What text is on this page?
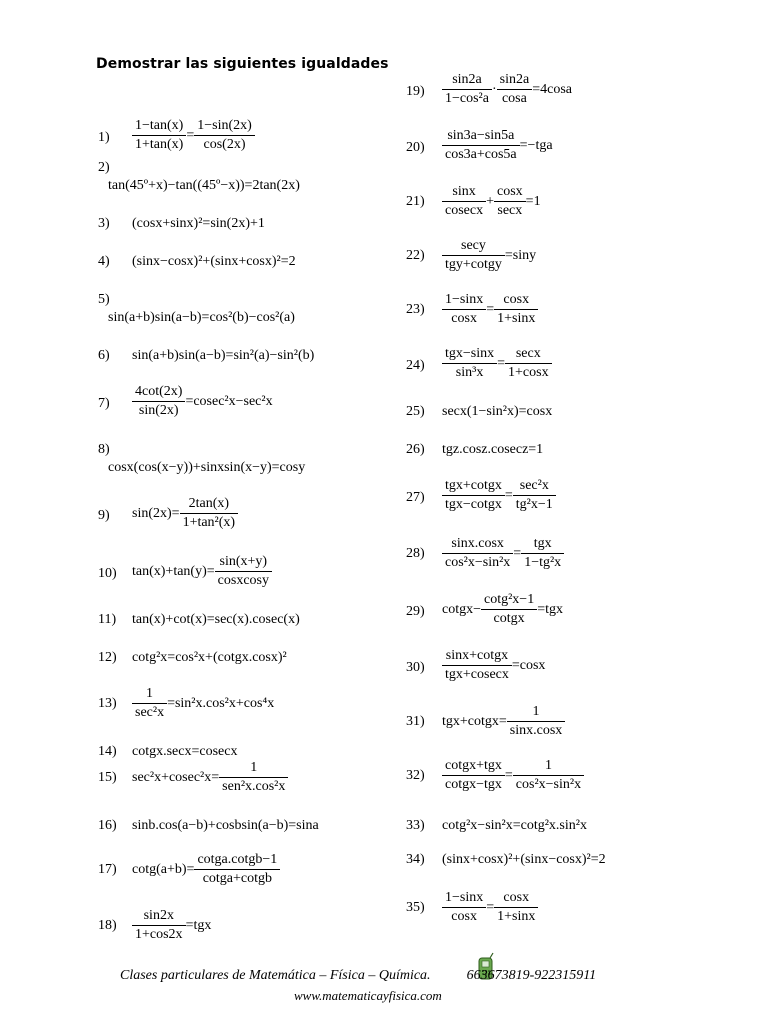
Demostrar las siguientes igualdades
$1) \frac{1-\tan(x)}{1+\tan(x)} = \frac{1-\sin(2x)}{\cos(2x)}$
2)
tan(45º+x)−tan((45º−x))=2tan(2x)
3) (cosx+sinx)²=sin(2x)+1
4) (sinx−cosx)²+(sinx+cosx)²=2
5)
sin(a+b)sin(a−b)=cos²(b)−cos²(a)
6) sin(a+b)sin(a−b)=sin²(a)−sin²(b)
$7) \frac{4\cot(2x)}{\sin(2x)} =cosec^2x-\sec^2x$
8)
cosx(cos(x−y))+sinxsin(x−y)=cosy
9) $\sin(2x)= \frac{2\tan(x)}{\text{1+tan²(x)}}$
10) $\tan(x)+\tan(y)= \frac{\sin(x+y)}{\text{cosxcosy}}$
11) tan(x)+cot(x)=sec(x).cosec(x)
12) cotg²x=cos²x+(cotgx.cosx)²
$13) \frac{1}{\text{sec²x}} =\sin^2x.\cos^2x+\cos^4x$
14) cotgx.secx=cosecx
15) $\sec^2x+cosec^2x= \frac{1}{\text{sen²x.cos²x}}$
16) sinb.cos(a−b)+cosbsin(a−b)=sina
17) $\cot g(a+b)= \frac{\text{cotga.cotgb−1}}{\text{cotga+cotgb}}$
$18) \frac{\sin 2x}{1+\cos 2x} =tgx$
$19) \frac{\sin 2a}{\text{1−cos²a}} \cdot \frac{\sin 2a}{\cos a} =4\cos a$
$20) \frac{\sin 3a-\sin 5a}{\cos 3a+\cos 5a} =-tga$
$21) \frac{\sin x}{cosecx} + \frac{\cos x}{\sec x} =1$
$22) \frac{\sec y}{\text{tgy+cotgy}} =\sin y$
$23) \frac{1-\sin x}{\cos x} = \frac{\cos x}{1+\sin x}$
$24) \frac{\text{tgx−sinx}}{\text{sin³x}} = \frac{\sec x}{1+\cos x}$
25) secx(1−sin²x)=cosx
26) tgz.cosz.cosecz=1
$27) \frac{\text{tgx+cotgx}}{\text{tgx−cotgx}} = \frac{\text{sec²x}}{\text{tg²x−1}}$
$28) \frac{\sin x.\cos x}{\text{cos²x−sin²x}} = \frac{\text{tgx}}{\text{1−tg²x}}$
29) cotgx− $\frac{\text{cotg²x−1}}{\text{cotgx}} =tgx$
$30) \frac{\text{sinx+cotgx}}{\text{tgx+cosecx}} =\cos x$
31) tgx+cotgx= $\frac{1}{\sin x.\cos x}$
$32) \frac{\text{cotgx+tgx}}{\text{cotgx−tgx}} = \frac{1}{\text{cos²x−sin²x}}$
33) cotg²x−sin²x=cotg²x.sin²x
34) (sinx+cosx)²+(sinx−cosx)²=2
$35) \frac{1-\sin x}{\cos x} = \frac{\cos x}{1+\sin x}$
Clases particulares de Matemática – Física – Química.	663673819-922315911
www.matematicayfisica.com
